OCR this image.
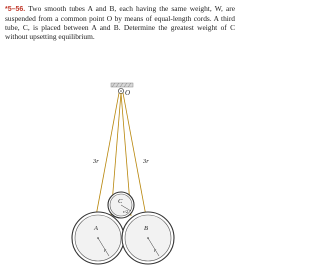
*5–56. Two smooth tubes A and B, each having the same weight, W, are suspended from a common point O by means of equal-length cords. A third tube, C, is placed between A and B. Determine the greatest weight of C without upsetting equilibrium.
O
3r	3r
C
r/2
A
r
B
r
